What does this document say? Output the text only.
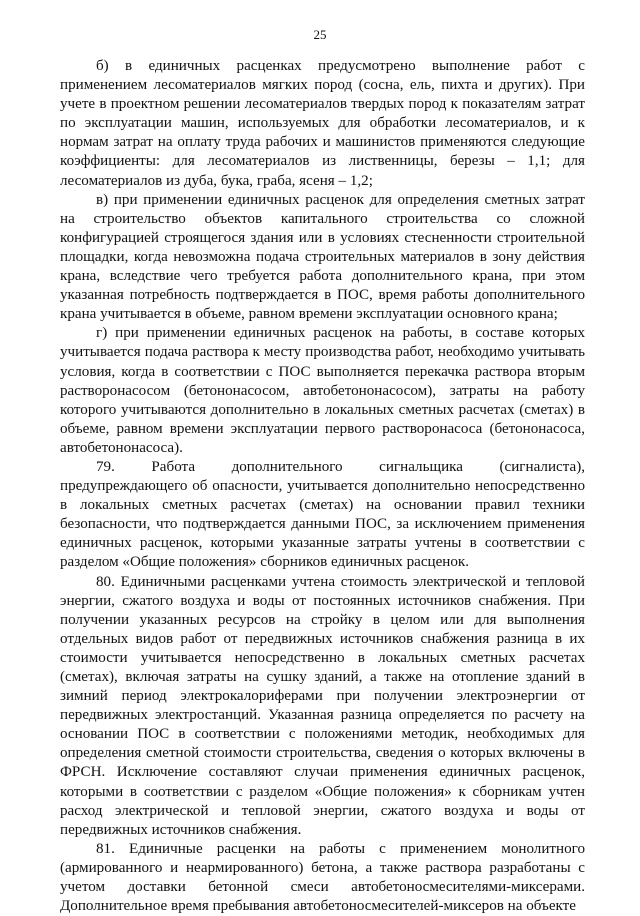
25

б) в единичных расценках предусмотрено выполнение работ с применением лесоматериалов мягких пород (сосна, ель, пихта и других). При учете в проектном решении лесоматериалов твердых пород к показателям затрат по эксплуатации машин, используемых для обработки лесоматериалов, и к нормам затрат на оплату труда рабочих и машинистов применяются следующие коэффициенты: для лесоматериалов из лиственницы, березы – 1,1; для лесоматериалов из дуба, бука, граба, ясеня – 1,2;

в) при применении единичных расценок для определения сметных затрат на строительство объектов капитального строительства со сложной конфигурацией строящегося здания или в условиях стесненности строительной площадки, когда невозможна подача строительных материалов в зону действия крана, вследствие чего требуется работа дополнительного крана, при этом указанная потребность подтверждается в ПОС, время работы дополнительного крана учитывается в объеме, равном времени эксплуатации основного крана;

г) при применении единичных расценок на работы, в составе которых учитывается подача раствора к месту производства работ, необходимо учитывать условия, когда в соответствии с ПОС выполняется перекачка раствора вторым растворонасосом (бетононасосом, автобетононасосом), затраты на работу которого учитываются дополнительно в локальных сметных расчетах (сметах) в объеме, равном времени эксплуатации первого растворонасоса (бетононасоса, автобетононасоса).

79. Работа дополнительного сигнальщика (сигналиста), предупреждающего об опасности, учитывается дополнительно непосредственно в локальных сметных расчетах (сметах) на основании правил техники безопасности, что подтверждается данными ПОС, за исключением применения единичных расценок, которыми указанные затраты учтены в соответствии с разделом «Общие положения» сборников единичных расценок.

80. Единичными расценками учтена стоимость электрической и тепловой энергии, сжатого воздуха и воды от постоянных источников снабжения. При получении указанных ресурсов на стройку в целом или для выполнения отдельных видов работ от передвижных источников снабжения разница в их стоимости учитывается непосредственно в локальных сметных расчетах (сметах), включая затраты на сушку зданий, а также на отопление зданий в зимний период электрокалориферами при получении электроэнергии от передвижных электростанций. Указанная разница определяется по расчету на основании ПОС в соответствии с положениями методик, необходимых для определения сметной стоимости строительства, сведения о которых включены в ФРСН. Исключение составляют случаи применения единичных расценок, которыми в соответствии с разделом «Общие положения» к сборникам учтен расход электрической и тепловой энергии, сжатого воздуха и воды от передвижных источников снабжения.

81. Единичные расценки на работы с применением монолитного (армированного и неармированного) бетона, а также раствора разработаны с учетом доставки бетонной смеси автобетоносмесителями-миксерами. Дополнительное время пребывания автобетоносмесителей-миксеров на объекте
